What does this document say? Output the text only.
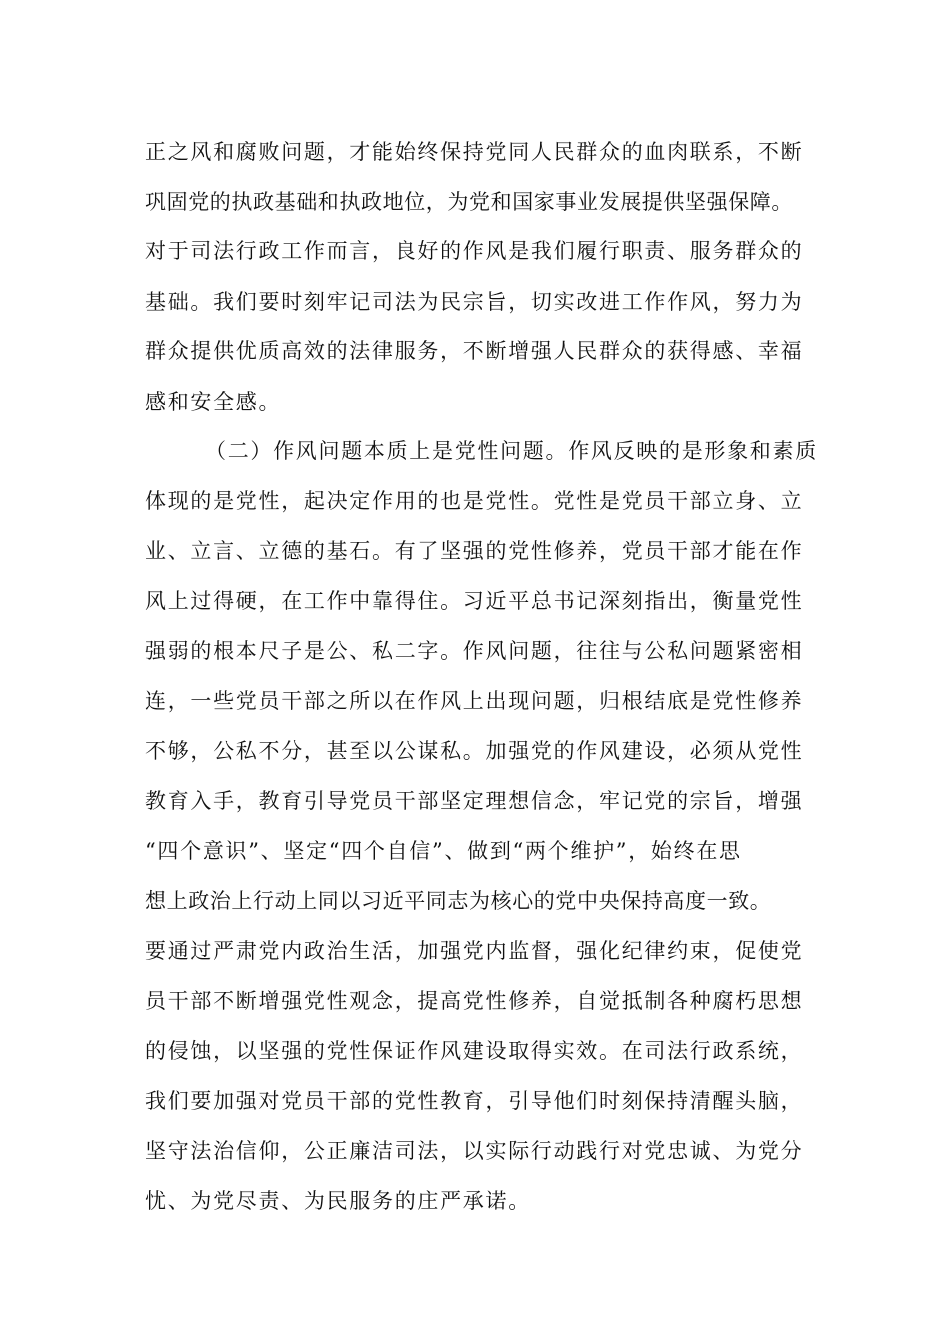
正之风和腐败问题，才能始终保持党同人民群众的血肉联系，不断
巩固党的执政基础和执政地位，为党和国家事业发展提供坚强保障。
对于司法行政工作而言，良好的作风是我们履行职责、服务群众的
基础。我们要时刻牢记司法为民宗旨，切实改进工作作风，努力为
群众提供优质高效的法律服务，不断增强人民群众的获得感、幸福
感和安全感。
（二）作风问题本质上是党性问题。作风反映的是形象和素质
体现的是党性，起决定作用的也是党性。党性是党员干部立身、立
业、立言、立德的基石。有了坚强的党性修养，党员干部才能在作
风上过得硬，在工作中靠得住。习近平总书记深刻指出，衡量党性
强弱的根本尺子是公、私二字。作风问题，往往与公私问题紧密相
连，一些党员干部之所以在作风上出现问题，归根结底是党性修养
不够，公私不分，甚至以公谋私。加强党的作风建设，必须从党性
教育入手，教育引导党员干部坚定理想信念，牢记党的宗旨，增强
“四个意识”、坚定“四个自信”、做到“两个维护”，始终在思
想上政治上行动上同以习近平同志为核心的党中央保持高度一致。
要通过严肃党内政治生活，加强党内监督，强化纪律约束，促使党
员干部不断增强党性观念，提高党性修养，自觉抵制各种腐朽思想
的侵蚀，以坚强的党性保证作风建设取得实效。在司法行政系统，
我们要加强对党员干部的党性教育，引导他们时刻保持清醒头脑，
坚守法治信仰，公正廉洁司法，以实际行动践行对党忠诚、为党分
忧、为党尽责、为民服务的庄严承诺。
